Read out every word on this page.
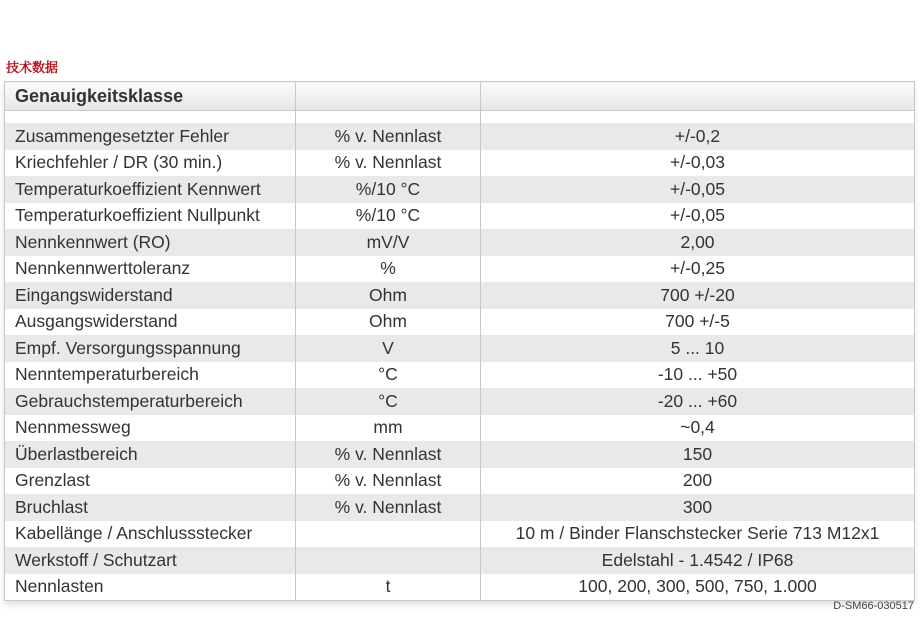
技术数据
Genauigkeitsklasse		

Zusammengesetzter Fehler	% v. Nennlast	+/-0,2
Kriechfehler / DR (30 min.)	% v. Nennlast	+/-0,03
Temperaturkoeffizient Kennwert	%/10 °C	+/-0,05
Temperaturkoeffizient Nullpunkt	%/10 °C	+/-0,05
Nennkennwert (RO)	mV/V	2,00
Nennkennwerttoleranz	%	+/-0,25
Eingangswiderstand	Ohm	700 +/-20
Ausgangswiderstand	Ohm	700 +/-5
Empf. Versorgungsspannung	V	5 ... 10
Nenntemperaturbereich	°C	-10 ... +50
Gebrauchstemperaturbereich	°C	-20 ... +60
Nennmessweg	mm	~0,4
Überlastbereich	% v. Nennlast	150
Grenzlast	% v. Nennlast	200
Bruchlast	% v. Nennlast	300
Kabellänge / Anschlussstecker		10 m / Binder Flanschstecker Serie 713 M12x1
Werkstoff / Schutzart		Edelstahl - 1.4542 / IP68
Nennlasten	t	100, 200, 300, 500, 750, 1.000
D-SM66-030517
